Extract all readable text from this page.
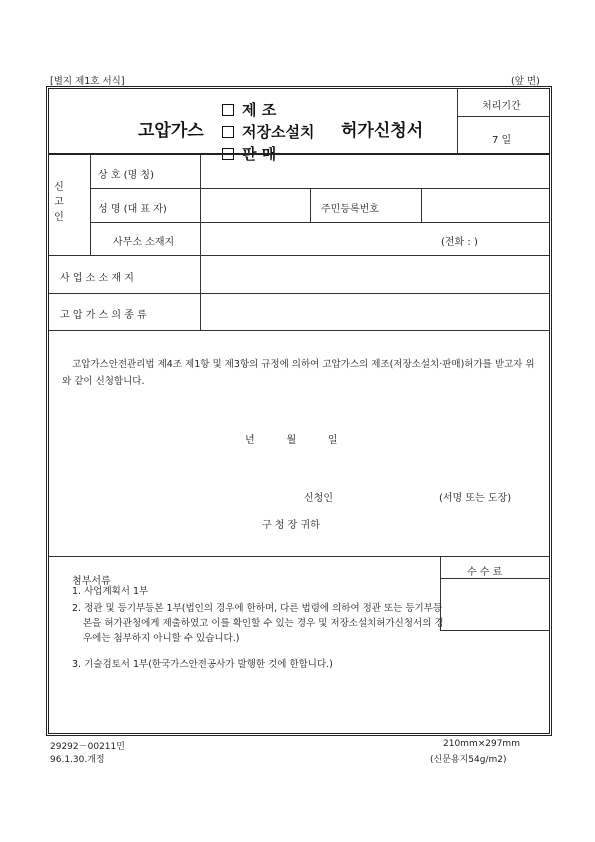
[별지 제1호 서식]	(앞 면)
고압가스
제 조
저장소설치
판 매
허가신청서
처리기간
7 일
신
고
인
상 호 (명 칭)
성 명 (대 표 자)	주민등록번호
사무소 소재지	(전화 : )
사 업 소 소 재 지
고 압 가 스 의 종 류
고압가스안전관리법 제4조 제1항 및 제3항의 규정에 의하여 고압가스의 제조(저장소설치·판매)허가를 받고자 위와 같이 신청합니다.
년          월          일
신청인	(서명 또는 도장)
구 청 장 귀하
수 수 료
첨부서류
1. 사업계획서 1부
2. 정관 및 등기부등본 1부(법인의 경우에 한하며, 다른 법령에 의하여 정관 또는 등기부등본을 허가관청에게 제출하였고 이를 확인할 수 있는 경우 및 저장소설치허가신청서의 경우에는 첨부하지 아니할 수 있습니다.)
3. 기술검토서 1부(한국가스안전공사가 발행한 것에 한합니다.)
29292－00211민
96.1.30.개정
210mm×297mm
(신문용지54g/m2)
